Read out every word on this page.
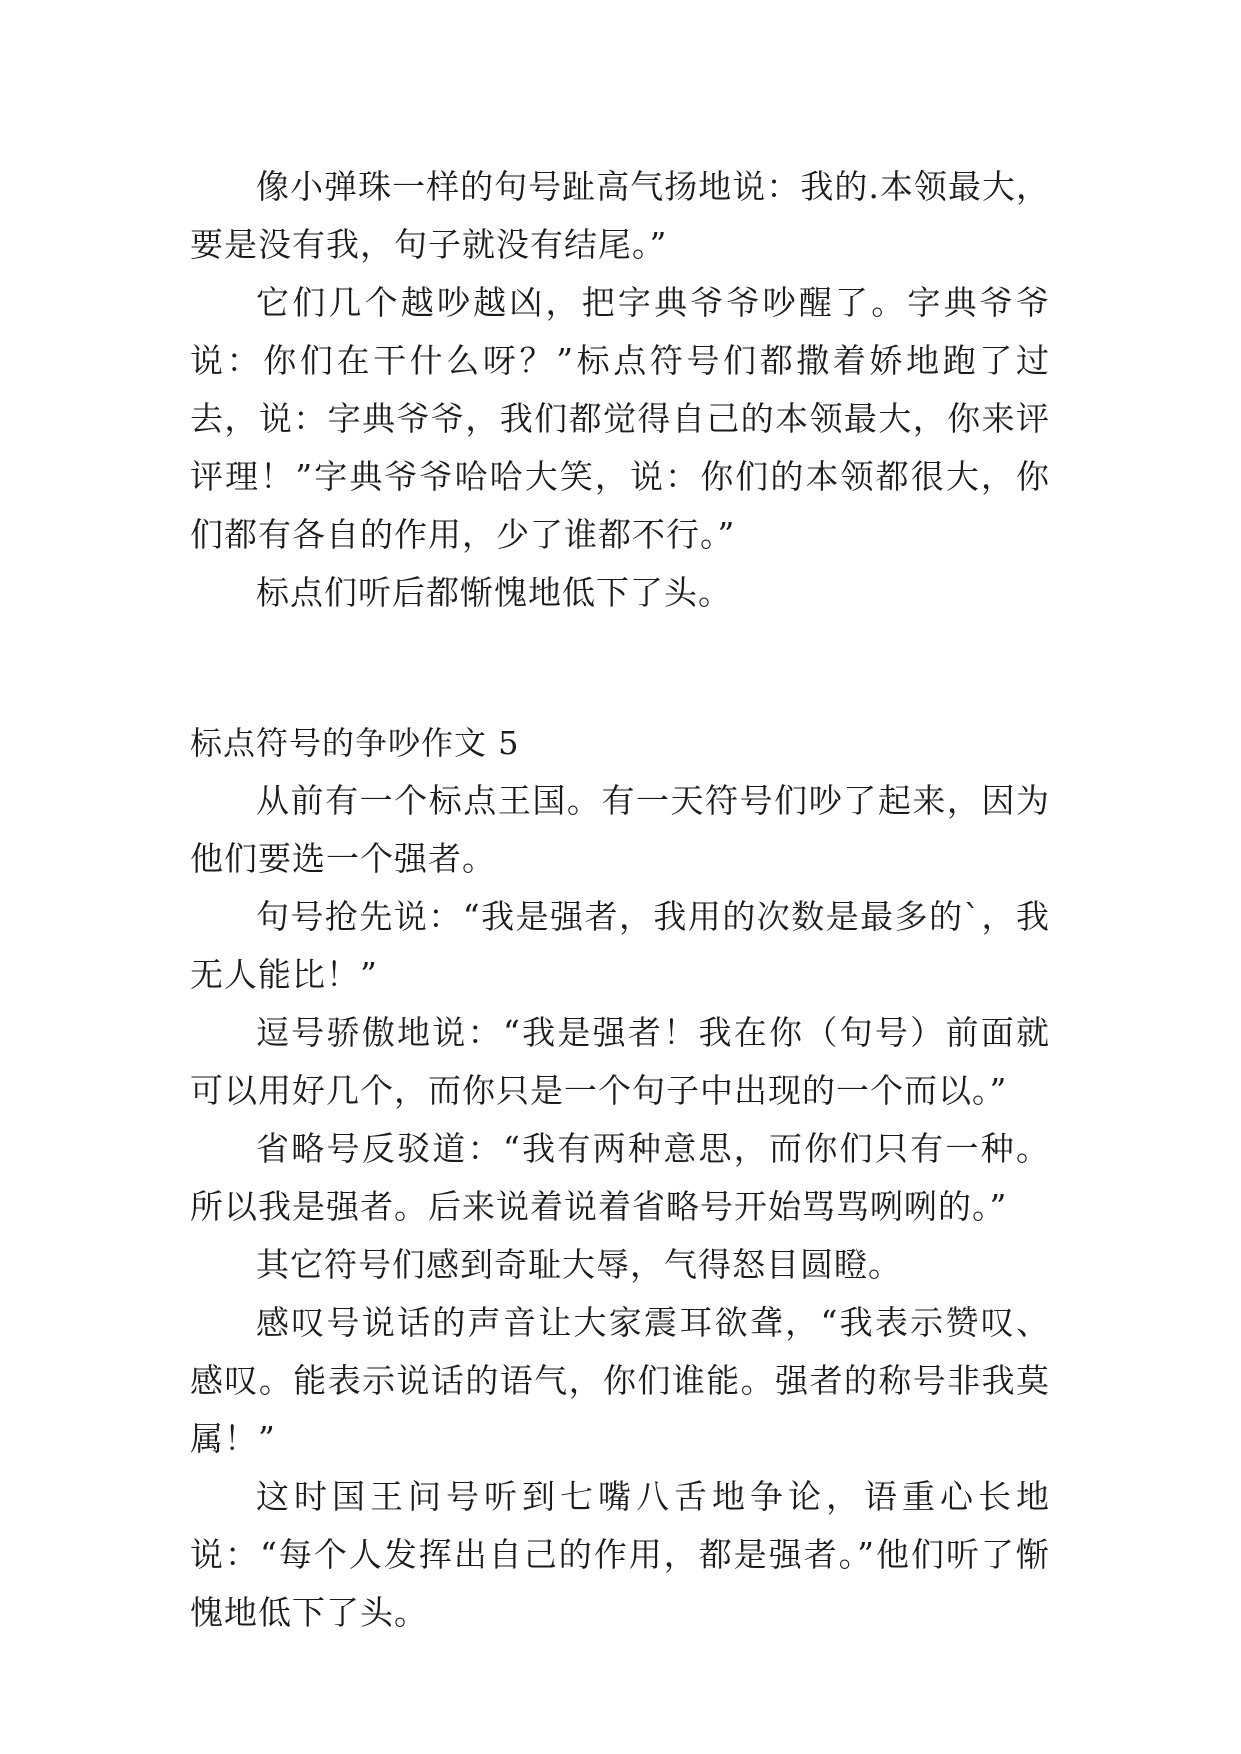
像小弹珠一样的句号趾高气扬地说：我的.本领最大，要是没有我，句子就没有结尾。”

它们几个越吵越凶，把字典爷爷吵醒了。字典爷爷说：你们在干什么呀？”标点符号们都撒着娇地跑了过去，说：字典爷爷，我们都觉得自己的本领最大，你来评评理！”字典爷爷哈哈大笑，说：你们的本领都很大，你们都有各自的作用，少了谁都不行。”

标点们听后都惭愧地低下了头。

标点符号的争吵作文 5

从前有一个标点王国。有一天符号们吵了起来，因为他们要选一个强者。

句号抢先说：“我是强者，我用的次数是最多的`，我无人能比！”

逗号骄傲地说：“我是强者！我在你（句号）前面就可以用好几个，而你只是一个句子中出现的一个而以。”

省略号反驳道：“我有两种意思，而你们只有一种。所以我是强者。后来说着说着省略号开始骂骂咧咧的。”

其它符号们感到奇耻大辱，气得怒目圆瞪。

感叹号说话的声音让大家震耳欲聋，“我表示赞叹、感叹。能表示说话的语气，你们谁能。强者的称号非我莫属！”

这时国王问号听到七嘴八舌地争论，语重心长地说：“每个人发挥出自己的作用，都是强者。”他们听了惭愧地低下了头。
